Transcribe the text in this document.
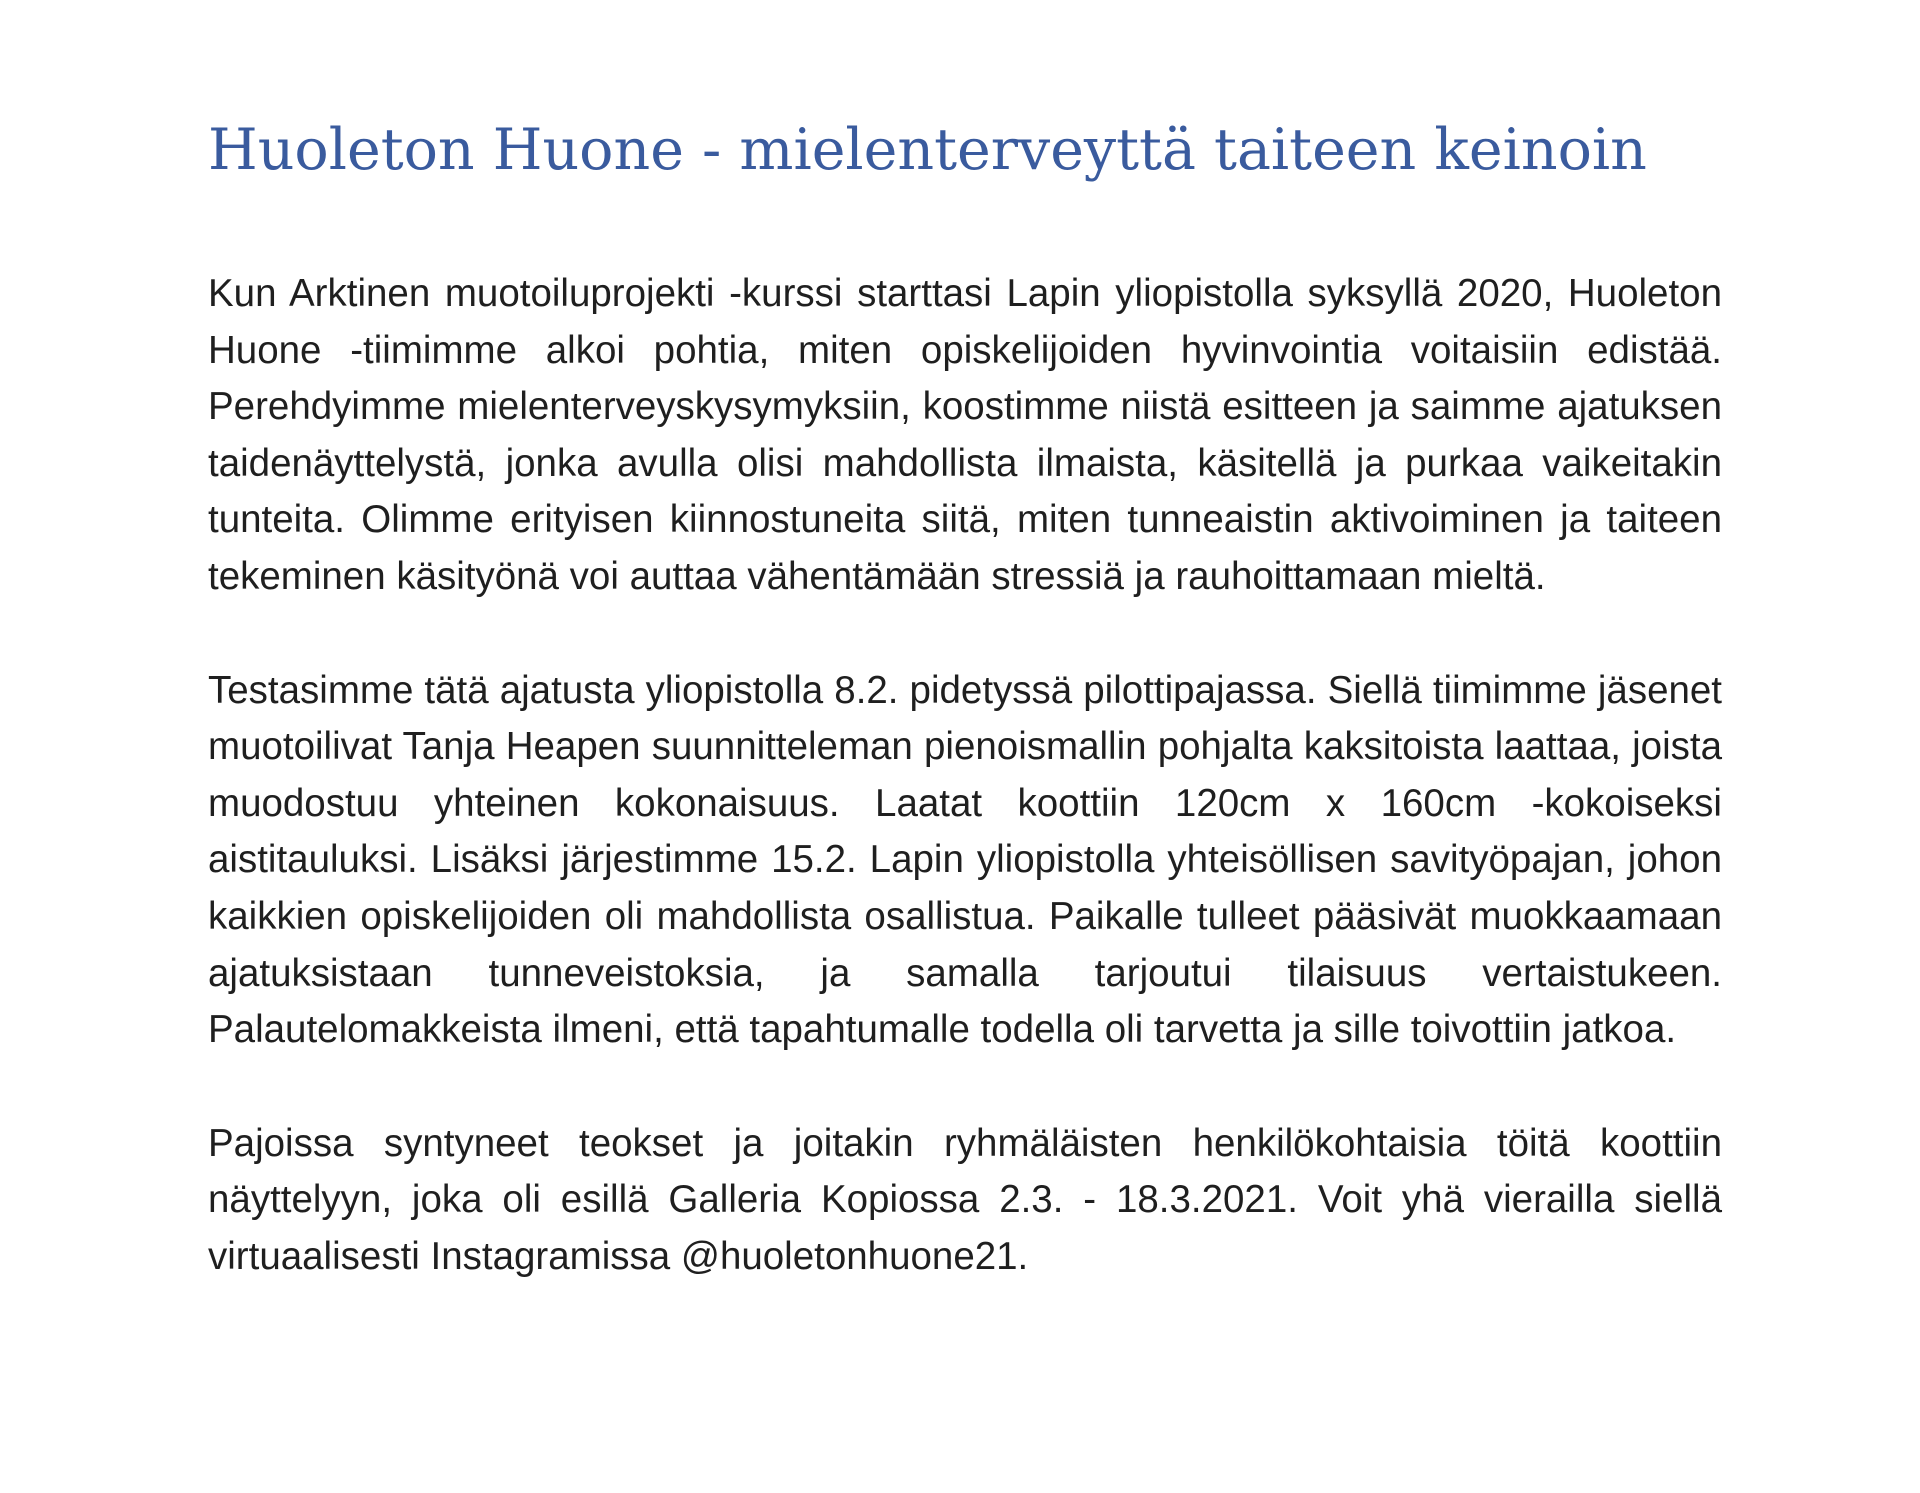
Huoleton Huone - mielenterveyttä taiteen keinoin

Kun Arktinen muotoiluprojekti -kurssi starttasi Lapin yliopistolla syksyllä 2020, Huoleton Huone -tiimimme alkoi pohtia, miten opiskelijoiden hyvinvointia voitaisiin edistää. Perehdyimme mielenterveyskysymyksiin, koostimme niistä esitteen ja saimme ajatuksen taidenäyttelystä, jonka avulla olisi mahdollista ilmaista, käsitellä ja purkaa vaikeitakin tunteita. Olimme erityisen kiinnostuneita siitä, miten tunneaistin aktivoiminen ja taiteen tekeminen käsityönä voi auttaa vähentämään stressiä ja rauhoittamaan mieltä.

Testasimme tätä ajatusta yliopistolla 8.2. pidetyssä pilottipajassa. Siellä tiimimme jäsenet muotoilivat Tanja Heapen suunnitteleman pienoismallin pohjalta kaksitoista laattaa, joista muodostuu yhteinen kokonaisuus. Laatat koottiin 120cm x 160cm -kokoiseksi aistitauluksi. Lisäksi järjestimme 15.2. Lapin yliopistolla yhteisöllisen savityöpajan, johon kaikkien opiskelijoiden oli mahdollista osallistua. Paikalle tulleet pääsivät muokkaamaan ajatuksistaan tunneveistoksia, ja samalla tarjoutui tilaisuus vertaistukeen. Palautelomakkeista ilmeni, että tapahtumalle todella oli tarvetta ja sille toivottiin jatkoa.

Pajoissa syntyneet teokset ja joitakin ryhmäläisten henkilökohtaisia töitä koottiin näyttelyyn, joka oli esillä Galleria Kopiossa 2.3. - 18.3.2021. Voit yhä vierailla siellä virtuaalisesti Instagramissa @huoletonhuone21.
